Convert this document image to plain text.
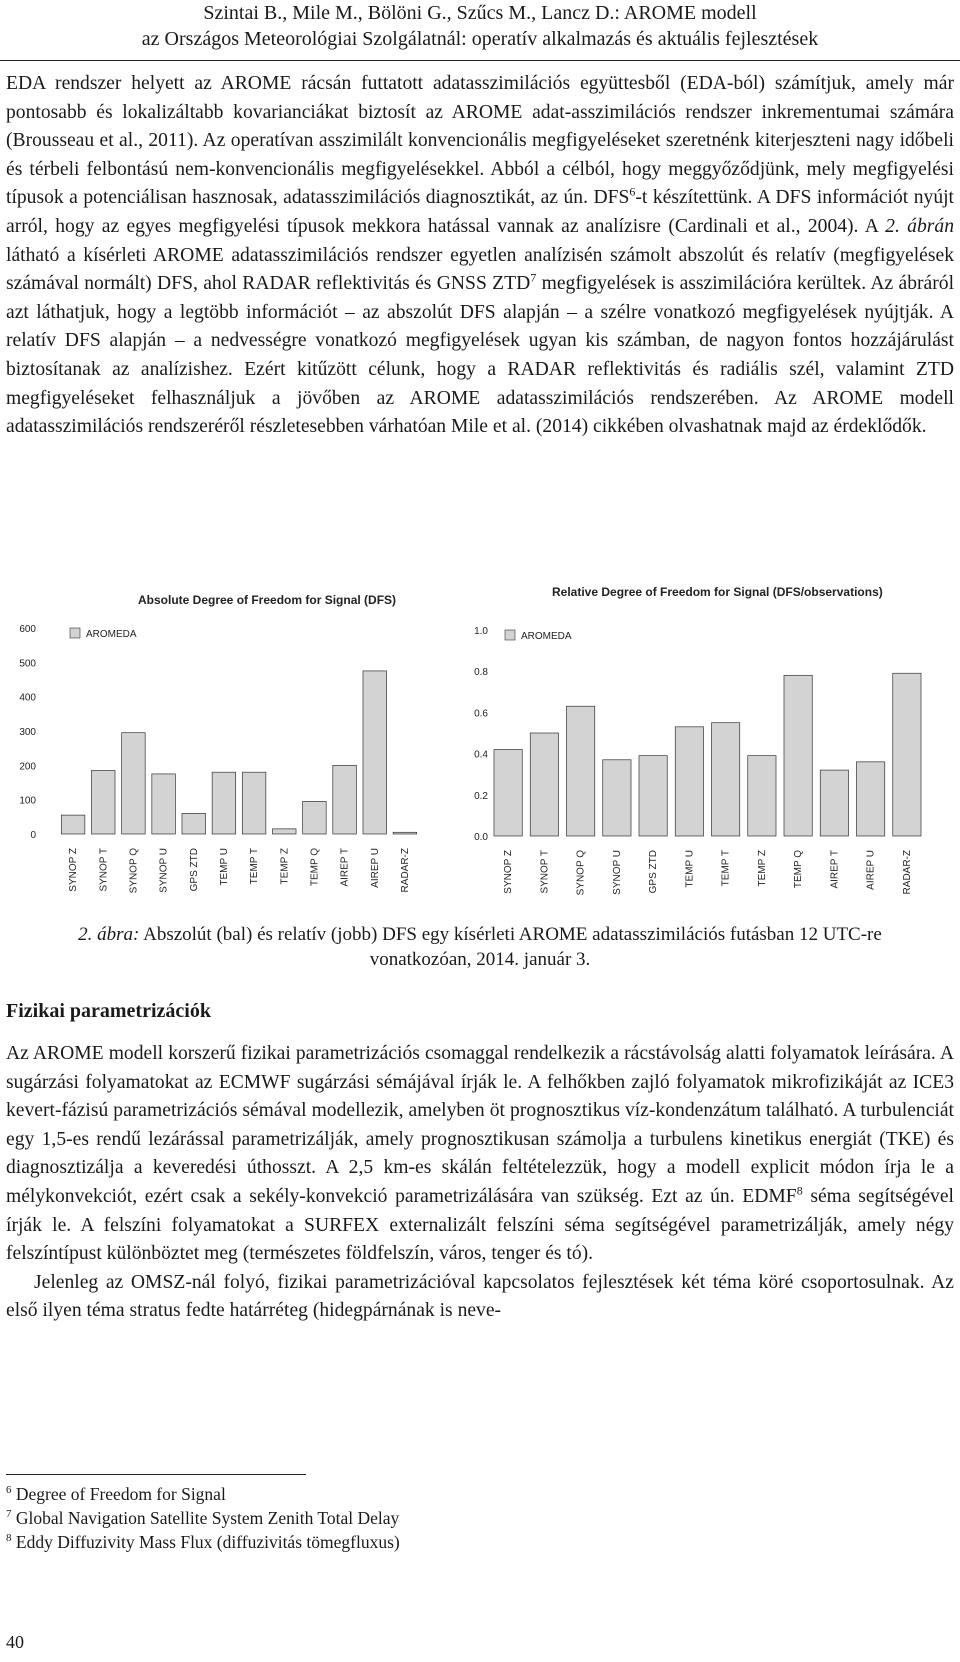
Szintai B., Mile M., Bölöni G., Szűcs M., Lancz D.: AROME modell
az Országos Meteorológiai Szolgálatnál: operatív alkalmazás és aktuális fejlesztések

EDA rendszer helyett az AROME rácsán futtatott adatasszimilációs együttesből (EDA-ból) számítjuk, amely már pontosabb és lokalizáltabb kovarianciákat biztosít az AROME adat-asszimilációs rendszer inkrementumai számára (Brousseau et al., 2011). Az operatívan asszimilált konvencionális megfigyeléseket szeretnénk kiterjeszteni nagy időbeli és térbeli felbontású nem-konvencionális megfigyelésekkel. Abból a célból, hogy meggyőződjünk, mely megfigyelési típusok a potenciálisan hasznosak, adatasszimilációs diagnosztikát, az ún. DFS$^6$-t készítettünk. A DFS információt nyújt arról, hogy az egyes megfigyelési típusok mekkora hatással vannak az analízisre (Cardinali et al., 2004). A 2. ábrán látható a kísérleti AROME adatasszimilációs rendszer egyetlen analízisén számolt abszolút és relatív (megfigyelések számával normált) DFS, ahol RADAR reflektivitás és GNSS ZTD$^7$ megfigyelések is asszimilációra kerültek. Az ábráról azt láthatjuk, hogy a legtöbb információt – az abszolút DFS alapján – a szélre vonatkozó megfigyelések nyújtják. A relatív DFS alapján – a nedvességre vonatkozó megfigyelések ugyan kis számban, de nagyon fontos hozzájárulást biztosítanak az analízishez. Ezért kitűzött célunk, hogy a RADAR reflektivitás és radiális szél, valamint ZTD megfigyeléseket felhasználjuk a jövőben az AROME adatasszimilációs rendszerében. Az AROME modell adatasszimilációs rendszeréről részletesebben várhatóan Mile et al. (2014) cikkében olvashatnak majd az érdeklődők.

Absolute Degree of Freedom for Signal (DFS)
0
100
200
300
400
500
600	AROMEDA
SYNOP Z SYNOP T SYNOP Q SYNOP U GPS ZTD TEMP U TEMP T TEMP Z TEMP Q AIREP T AIREP U RADAR-Z
Relative Degree of Freedom for Signal (DFS/observations)
0.0
0.2
0.4
0.6
0.8
1.0	AROMEDA
SYNOP Z	SYNOP T	SYNOP Q	SYNOP U	GPS ZTD	TEMP U	TEMP T	TEMP Z	TEMP Q	AIREP T	AIREP U	RADAR-Z
2. ábra: Abszolút (bal) és relatív (jobb) DFS egy kísérleti AROME adatasszimilációs futásban 12 UTC-re vonatkozóan, 2014. január 3.
Fizikai parametrizációk

Az AROME modell korszerű fizikai parametrizációs csomaggal rendelkezik a rácstávolság alatti folyamatok leírására. A sugárzási folyamatokat az ECMWF sugárzási sémájával írják le. A felhőkben zajló folyamatok mikrofizikáját az ICE3 kevert-fázisú parametrizációs sémával modellezik, amelyben öt prognosztikus víz-kondenzátum található. A turbulenciát egy 1,5-es rendű lezárással parametrizálják, amely prognosztikusan számolja a turbulens kinetikus energiát (TKE) és diagnosztizálja a keveredési úthosszt. A 2,5 km-es skálán feltételezzük, hogy a modell explicit módon írja le a mélykonvekciót, ezért csak a sekély-konvekció parametrizálására van szükség. Ezt az ún. EDMF$^8$ séma segítségével írják le. A felszíni folyamatokat a SURFEX externalizált felszíni séma segítségével parametrizálják, amely négy felszíntípust különböztet meg (természetes földfelszín, város, tenger és tó).
Jelenleg az OMSZ-nál folyó, fizikai parametrizációval kapcsolatos fejlesztések két téma köré csoportosulnak. Az első ilyen téma stratus fedte határréteg (hidegpárnának is neve-

$^6$ Degree of Freedom for Signal
$^7$ Global Navigation Satellite System Zenith Total Delay
$^8$ Eddy Diffuzivity Mass Flux (diffuzivitás tömegfluxus)
40
